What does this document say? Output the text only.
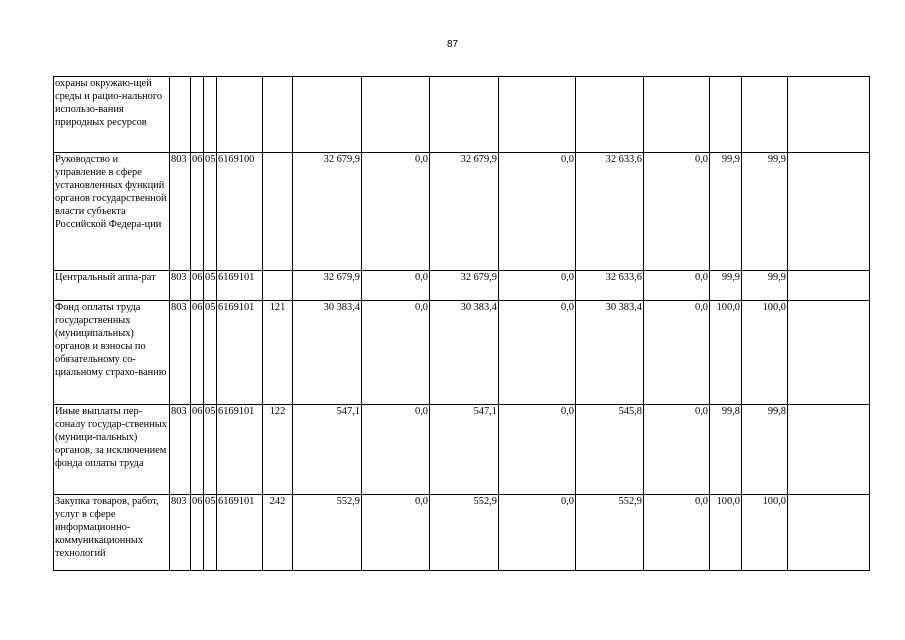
87
охраны окружаю-щей среды и рацио-нального использо-вания природных ресурсов														
Руководство и управление в сфере установленных функций органов государственной власти субъекта Российской Федера-ции	803	06	05	6169100		32 679,9	0,0	32 679,9	0,0	32 633,6	0,0	99,9	99,9	
Центральный аппа-рат	803	06	05	6169101		32 679,9	0,0	32 679,9	0,0	32 633,6	0,0	99,9	99,9	
Фонд оплаты труда государственных (муниципальных) органов и взносы по обязательному со-циальному страхо-ванию	803	06	05	6169101	121	30 383,4	0,0	30 383,4	0,0	30 383,4	0,0	100,0	100,0	
Иные выплаты пер-соналу государ-ственных (муници-пальных) органов, за исключением фонда оплаты труда	803	06	05	6169101	122	547,1	0,0	547,1	0,0	545,8	0,0	99,8	99,8	
Закупка товаров, работ, услуг в сфере информационно-коммуникационных технологий	803	06	05	6169101	242	552,9	0,0	552,9	0,0	552,9	0,0	100,0	100,0	
